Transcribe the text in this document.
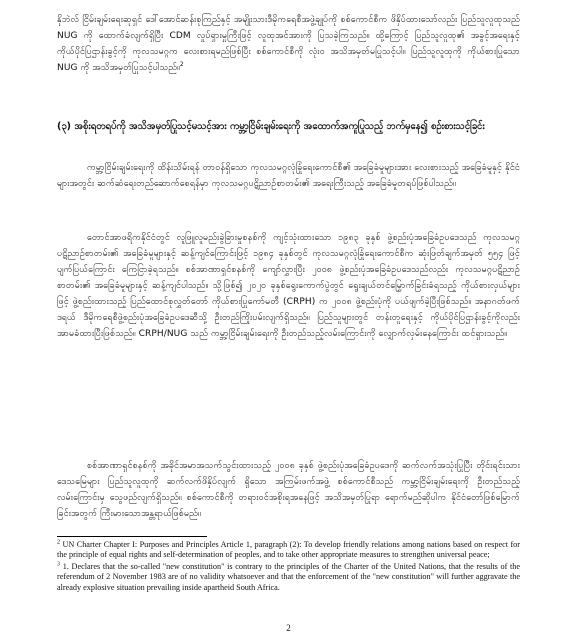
နိုဘဲလ် ငြိမ်းချမ်းရေးဆုရှင် ဒေါ်အောင်ဆန်းစုကြည်နှင့် အမျိုးသားဒီမိုကရေစီအဖွဲ့ချုပ်ကို စစ်ကောင်စီက ဖိနှိပ်ထားသော်လည်း ပြည်သူလူထုသည် NUG ကို ထောက်ခံလျက်ရှိပြီး CDM လှုပ်ရှားမှုကြီးဖြင့် လူထုအင်အားကို ပြသခဲ့ကြသည်။ ထို့ကြောင့် ပြည်သူလူထု၏ အခွင့်အရေးနှင့် ကိုယ်ပိုင်ပြဌာန်းခွင့်ကို ကုလသမဂ္ဂက လေးစားရမည်ဖြစ်ပြီး စစ်ကောင်စီကို လုံးဝ အသိအမှတ်မပြုသင့်ပါ။ ပြည်သူလူထုကို ကိုယ်စားပြုသော NUG ကို အသိအမှတ်ပြုသင့်ပါသည်။$^2$
(၃) အစိုးရတရပ်ကို အသိအမှတ်ပြုသင့်မသင့်အား ကမ္ဘာ့ငြိမ်းချမ်းရေးကို အထောက်အကူပြုသည့် ဘက်မှနေ၍ စဉ်းစားသင့်ခြင်း
ကမ္ဘာ့ငြိမ်းချမ်းရေးကို ထိန်းသိမ်းရန် တာဝန်ရှိသော ကုလသမဂ္ဂလုံခြုံရေးကောင်စီ၏ အခြေခံမူများအား လေးစားသည့် အခြေခံမူနှင့် နိုင်ငံများအတွင်း ဆက်ဆံရေးတည်ဆောက်စေရန်မှာ ကုလသမဂ္ဂပဋိညာဉ်စာတမ်း၏ အရေးကြီးသည့် အခြေခံမူတရပ်ဖြစ်ပါသည်။
တောင်အာဖရိကနိုင်ငံတွင် လူဖြူလူမည်းခွဲခြားမှုစနစ်ကို ကျင့်သုံးထားသော ၁၉၈၃ ခုနှစ် ဖွဲ့စည်းပုံအခြေခံဥပဒေသည် ကုလသမဂ္ဂပဋိညာဉ်စာတမ်း၏ အခြေခံမူများနှင့် ဆန့်ကျင်ကြောင်းဖြင့် ၁၉၈၄ ခုနှစ်တွင် ကုလသမဂ္ဂလုံခြုံရေးကောင်စီက ဆုံးဖြတ်ချက်အမှတ် ၅၅၄ ဖြင့် ပျက်ပြယ်ကြောင်း ကြေငြာခဲ့ရသည်။ စစ်အာဏာရှင်စနစ်ကို ကျော်လွှားပြီး ၂၀၀၈ ဖွဲ့စည်းပုံအခြေခံဥပဒေသည်လည်း ကုလသမဂ္ဂပဋိညာဉ်စာတမ်း၏ အခြေခံမူများနှင့် ဆန့်ကျင်ပါသည်။ သို့ဖြစ်၍ ၂၀၂၀ ခုနှစ်ရွေးကောက်ပွဲတွင် ရွေးချယ်တင်မြှောက်ခြင်းခံရသည့် ကိုယ်စားလှယ်များဖြင့် ဖွဲ့စည်းထားသည့် ပြည်ထောင်စုလွှတ်တော် ကိုယ်စားပြုကော်မတီ (CRPH) က ၂၀၀၈ ဖွဲ့စည်းပုံကို ပယ်ဖျက်ခဲ့ပြီးဖြစ်သည်။ အနာဂတ်ဖက်ဒရယ် ဒီမိုကရေစီဖွဲ့စည်းပုံအခြေခံဥပဒေဆီသို့ ဦးတည်ကြိုးပမ်းလျက်ရှိသည်။ ပြည်သူများတွင် တန်းတူရေးနှင့် ကိုယ်ပိုင်ပြဌာန်းခွင့်ကိုလည်း အာမခံထားပြီးဖြစ်သည်။ CRPH/NUG သည် ကမ္ဘာ့ငြိမ်းချမ်းရေးကို ဦးတည်သည့်လမ်းကြောင်းကို လျှောက်လှမ်းနေကြောင်း ထင်ရှားသည်။
စစ်အာဏာရှင်စနစ်ကို အခိုင်အမာအသက်သွင်းထားသည့် ၂၀၀၈ ခုနှစ် ဖွဲ့စည်းပုံအခြေခံဥပဒေကို ဆက်လက်အသုံးပြုပြီး တိုင်းရင်းသားဒေသမြေများ ပြည်သူလူထုကို ဆက်လက်ဖိနှိပ်လျက် ရှိသော အကြမ်းဖက်အဖွဲ့ စစ်ကောင်စီသည် ကမ္ဘာ့ငြိမ်းချမ်းရေးကို ဦးတည်သည့်လမ်းကြောင်းမှ သွေဖည်လျက်ရှိသည်။ စစ်ကောင်စီကို တရားဝင်အစိုးရအနေဖြင့် အသိအမှတ်ပြုရာ ရောက်မည်ဆိုပါက နိုင်ငံတော်ဖြစ်မြောက်ခြင်းအတွက် ကြီးမားသောအန္တရာယ်ဖြစ်မည်။

$^2$ UN Charter Chapter I: Purposes and Principles Article 1, paragraph (2): To develop friendly relations among nations based on respect for the principle of equal rights and self-determination of peoples, and to take other appropriate measures to strengthen universal peace;

$^3$ 1. Declares that the so-called "new constitution" is contrary to the principles of the Charter of the United Nations, that the results of the referendum of 2 November 1983 are of no validity whatsoever and that the enforcement of the "new constitution" will further aggravate the already explosive situation prevailing inside apartheid South Africa.

2
